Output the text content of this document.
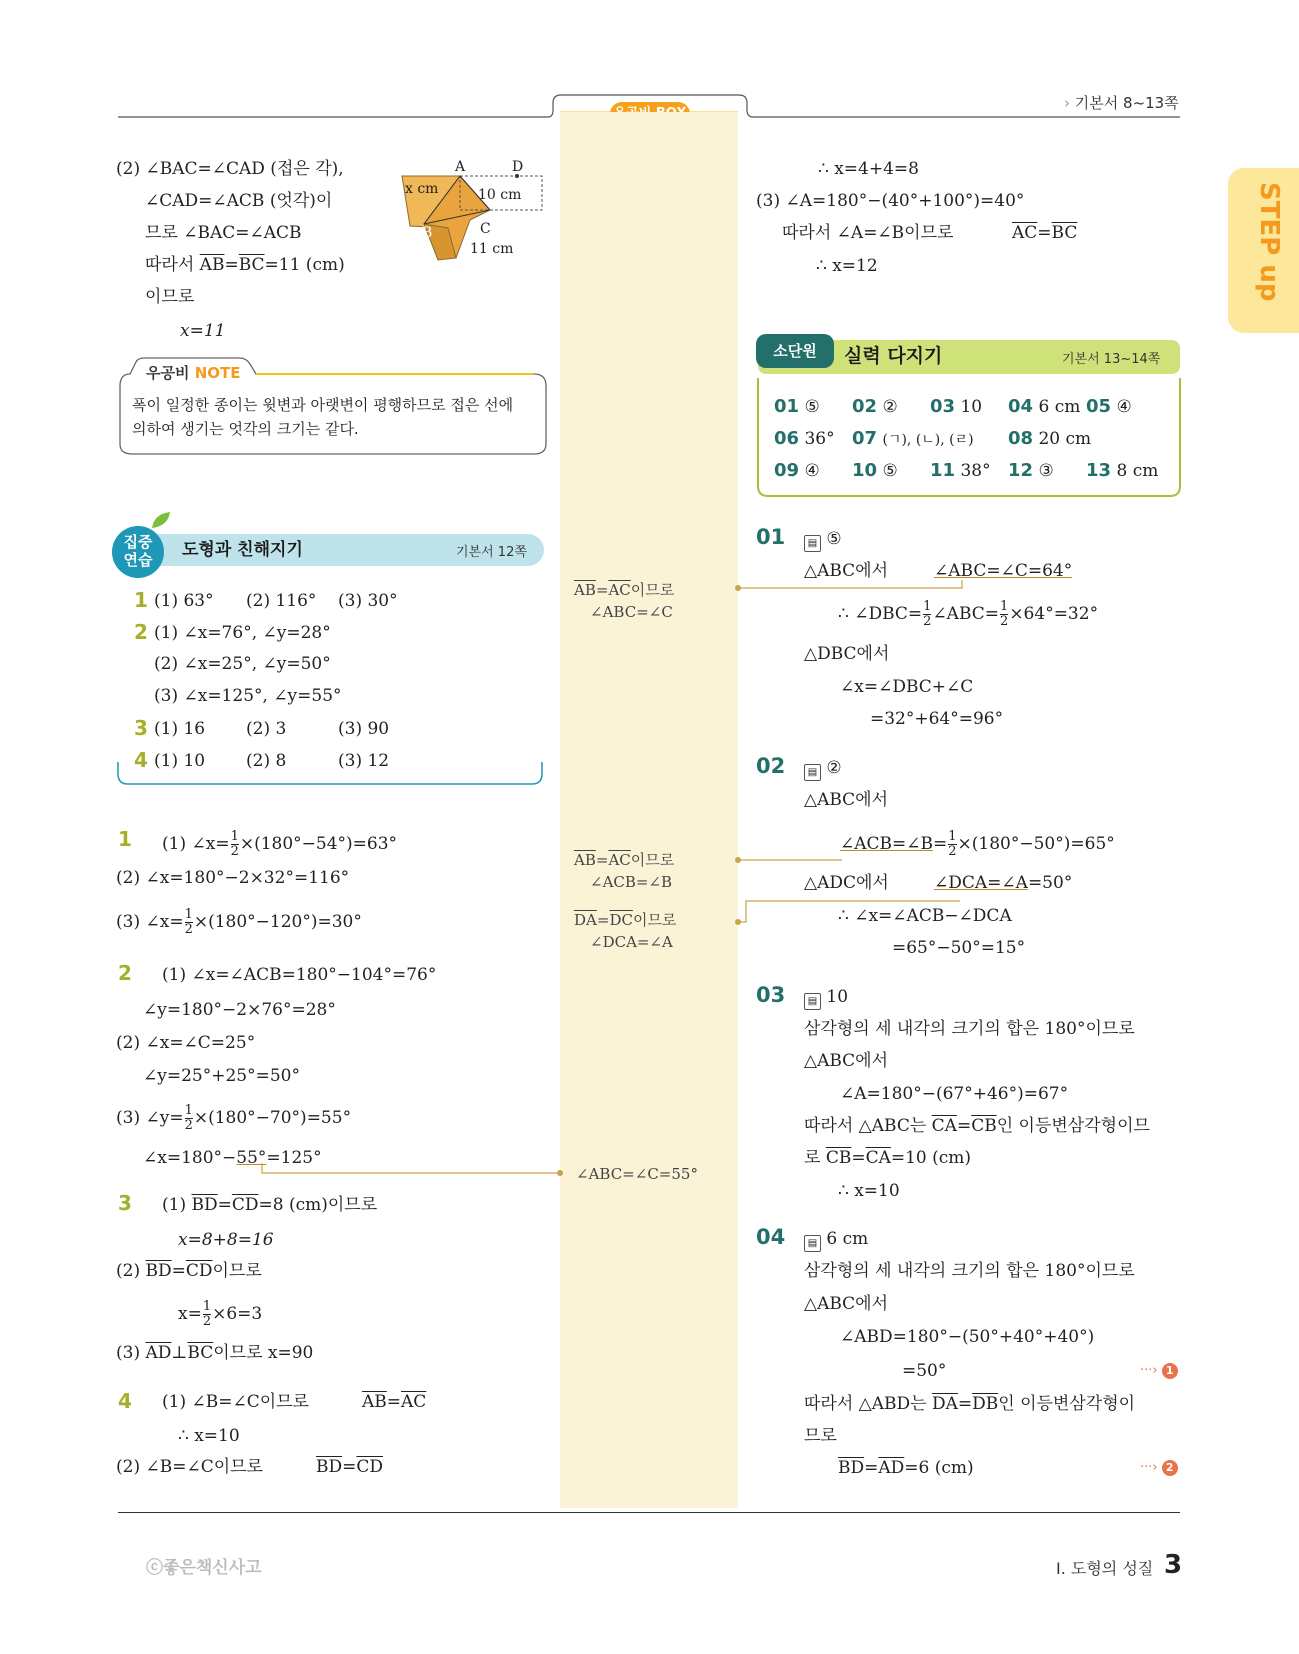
› 기본서 8~13쪽
STEP up
(2) ∠BAC=∠CAD (접은 각),
∠CAD=∠ACB (엇각)이
므로 ∠BAC=∠ACB
따라서 $\overline{AB}=\overline{BC}=11$ (cm)
이므로
x=11
A	D
B	C
x cm	10 cm
11 cm
우공비 NOTE
폭이 일정한 종이는 윗변과 아랫변이 평행하므로 접은 선에
의하여 생기는 엇각의 크기는 같다.
집중
연습	도형과 친해지기	기본서 12쪽
1 (1) 63° (2) 116° (3) 30°
2 (1) ∠x=76°, ∠y=28°
(2) ∠x=25°, ∠y=50°
(3) ∠x=125°, ∠y=55°
3 (1) 16 (2) 3	(3) 90
4 (1) 10 (2) 8	(3) 12
1 (1) ∠x= $\frac{1}{2} \times(180^\circ-54^\circ)=63^\circ$
(2) ∠x=180°−2×32°=116°
(3) ∠x= $\frac{1}{2} \times(180^\circ-120^\circ)=30^\circ$
2 (1) ∠x=∠ACB=180°−104°=76°
∠y=180°−2×76°=28°
(2) ∠x=∠C=25°
∠y=25°+25°=50°
(3) ∠y= $\frac{1}{2} \times(180^\circ-70^\circ)=55^\circ$
∠x=180°−55°=125°
3 (1) $\overline{BD}=\overline{CD}=8$ (cm)이므로
x=8+8=16
(2) $\overline{BD}=\overline{CD}$이므로
$x= \frac{1}{2} \times 6=3$
(3) $\overline{AD}\perp\overline{BC}$이므로 x=90
4 (1) ∠B=∠C이므로	$\overline{AB}=\overline{AC}$
∴ x=10
(2) ∠B=∠C이므로	$\overline{BD}=\overline{CD}$
$\overline{AB}=\overline{AC}$이므로
∠ABC=∠C
$\overline{AB}=\overline{AC}$이므로
∠ACB=∠B
$\overline{DA}=\overline{DC}$이므로
∠DCA=∠A
∠ABC=∠C=55°
∴ x=4+4=8
(3) ∠A=180°−(40°+100°)=40°
따라서 ∠A=∠B이므로	$\overline{AC}=\overline{BC}$
∴ x=12
소단원	실력 다지기	기본서 13~14쪽
01 ⑤ 02 ② 03 10 04 6 cm 05 ④
06 36° 07 (ㄱ), (ㄴ), (ㄹ) 08 20 cm
09 ④ 10 ⑤ 11 38° 12 ③ 13 8 cm
01	▤ ⑤
△ABC에서	∠ABC=∠C=64°
∴ ∠DBC= $\frac{1}{2}$ ∠ABC= $\frac{1}{2} \times 64^\circ=32^\circ$
△DBC에서
∠x=∠DBC+∠C
=32°+64°=96°
02	▤ ②
△ABC에서
∠ACB=∠B= $\frac{1}{2} \times(180^\circ-50^\circ)=65^\circ$
△ADC에서	∠DCA=∠A=50°
∴ ∠x=∠ACB−∠DCA
=65°−50°=15°
03	▤ 10
삼각형의 세 내각의 크기의 합은 180°이므로
△ABC에서
∠A=180°−(67°+46°)=67°
따라서 △ABC는 $\overline{CA}=\overline{CB}$인 이등변삼각형이므
로 $\overline{CB}=\overline{CA}=10$ (cm)
∴ x=10
04	▤ 6 cm
삼각형의 세 내각의 크기의 합은 180°이므로
△ABC에서
∠ABD=180°−(50°+40°+40°)
=50°	···› 1
따라서 △ABD는 $\overline{DA}=\overline{DB}$인 이등변삼각형이
므로
$\overline{BD}=\overline{AD}=6$ (cm)	···› 2
ⓒ좋은책신사고	Ⅰ. 도형의 성질 3
